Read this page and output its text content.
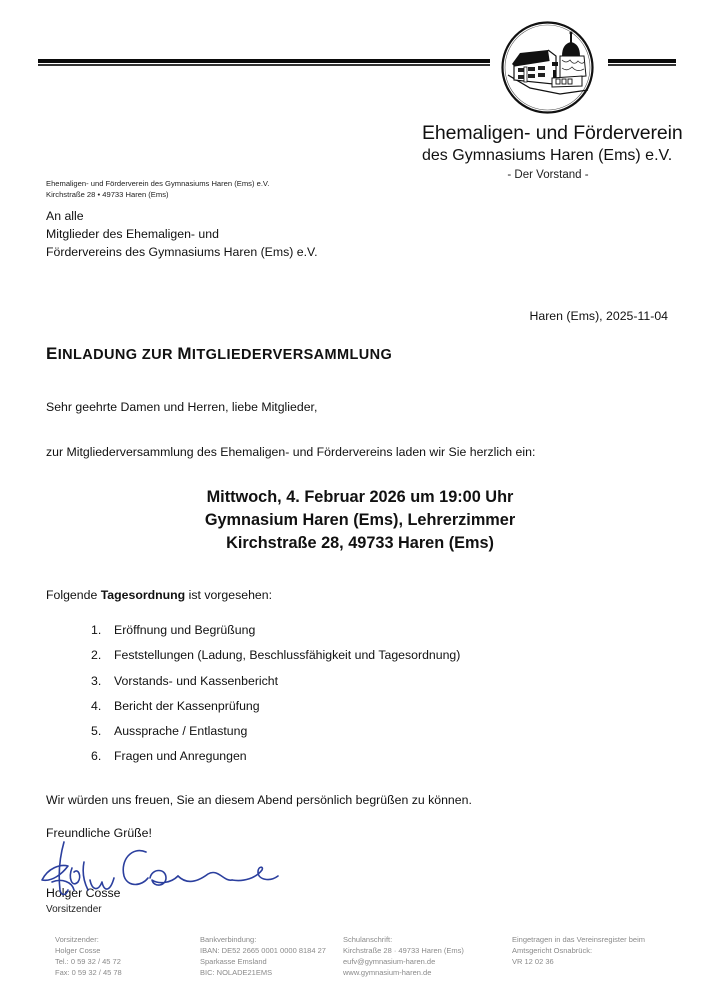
Ehemaligen- und Förderverein
des Gymnasiums Haren (Ems) e.V.
- Der Vorstand -
Ehemaligen- und Förderverein des Gymnasiums Haren (Ems) e.V.
Kirchstraße 28 • 49733 Haren (Ems)
An alle
Mitglieder des Ehemaligen- und
Fördervereins des Gymnasiums Haren (Ems) e.V.
Haren (Ems), 2025-11-04
EINLADUNG ZUR MITGLIEDERVERSAMMLUNG
Sehr geehrte Damen und Herren, liebe Mitglieder,
zur Mitgliederversammlung des Ehemaligen- und Fördervereins laden wir Sie herzlich ein:
Mittwoch, 4. Februar 2026 um 19:00 Uhr
Gymnasium Haren (Ems), Lehrerzimmer
Kirchstraße 28, 49733 Haren (Ems)
Folgende Tagesordnung ist vorgesehen:
1.	Eröffnung und Begrüßung
2.	Feststellungen (Ladung, Beschlussfähigkeit und Tagesordnung)
3.	Vorstands- und Kassenbericht
4.	Bericht der Kassenprüfung
5.	Aussprache / Entlastung
6.	Fragen und Anregungen
Wir würden uns freuen, Sie an diesem Abend persönlich begrüßen zu können.
Freundliche Grüße!
Holger Cosse
Vorsitzender
Vorsitzender:
Holger Cosse
Tel.: 0 59 32 / 45 72
Fax: 0 59 32 / 45 78
Bankverbindung:
IBAN: DE52 2665 0001 0000 8184 27
Sparkasse Emsland
BIC: NOLADE21EMS
Schulanschrift:
Kirchstraße 28 · 49733 Haren (Ems)
eufv@gymnasium-haren.de
www.gymnasium-haren.de
Eingetragen in das Vereinsregister beim
Amtsgericht Osnabrück:
VR 12 02 36
